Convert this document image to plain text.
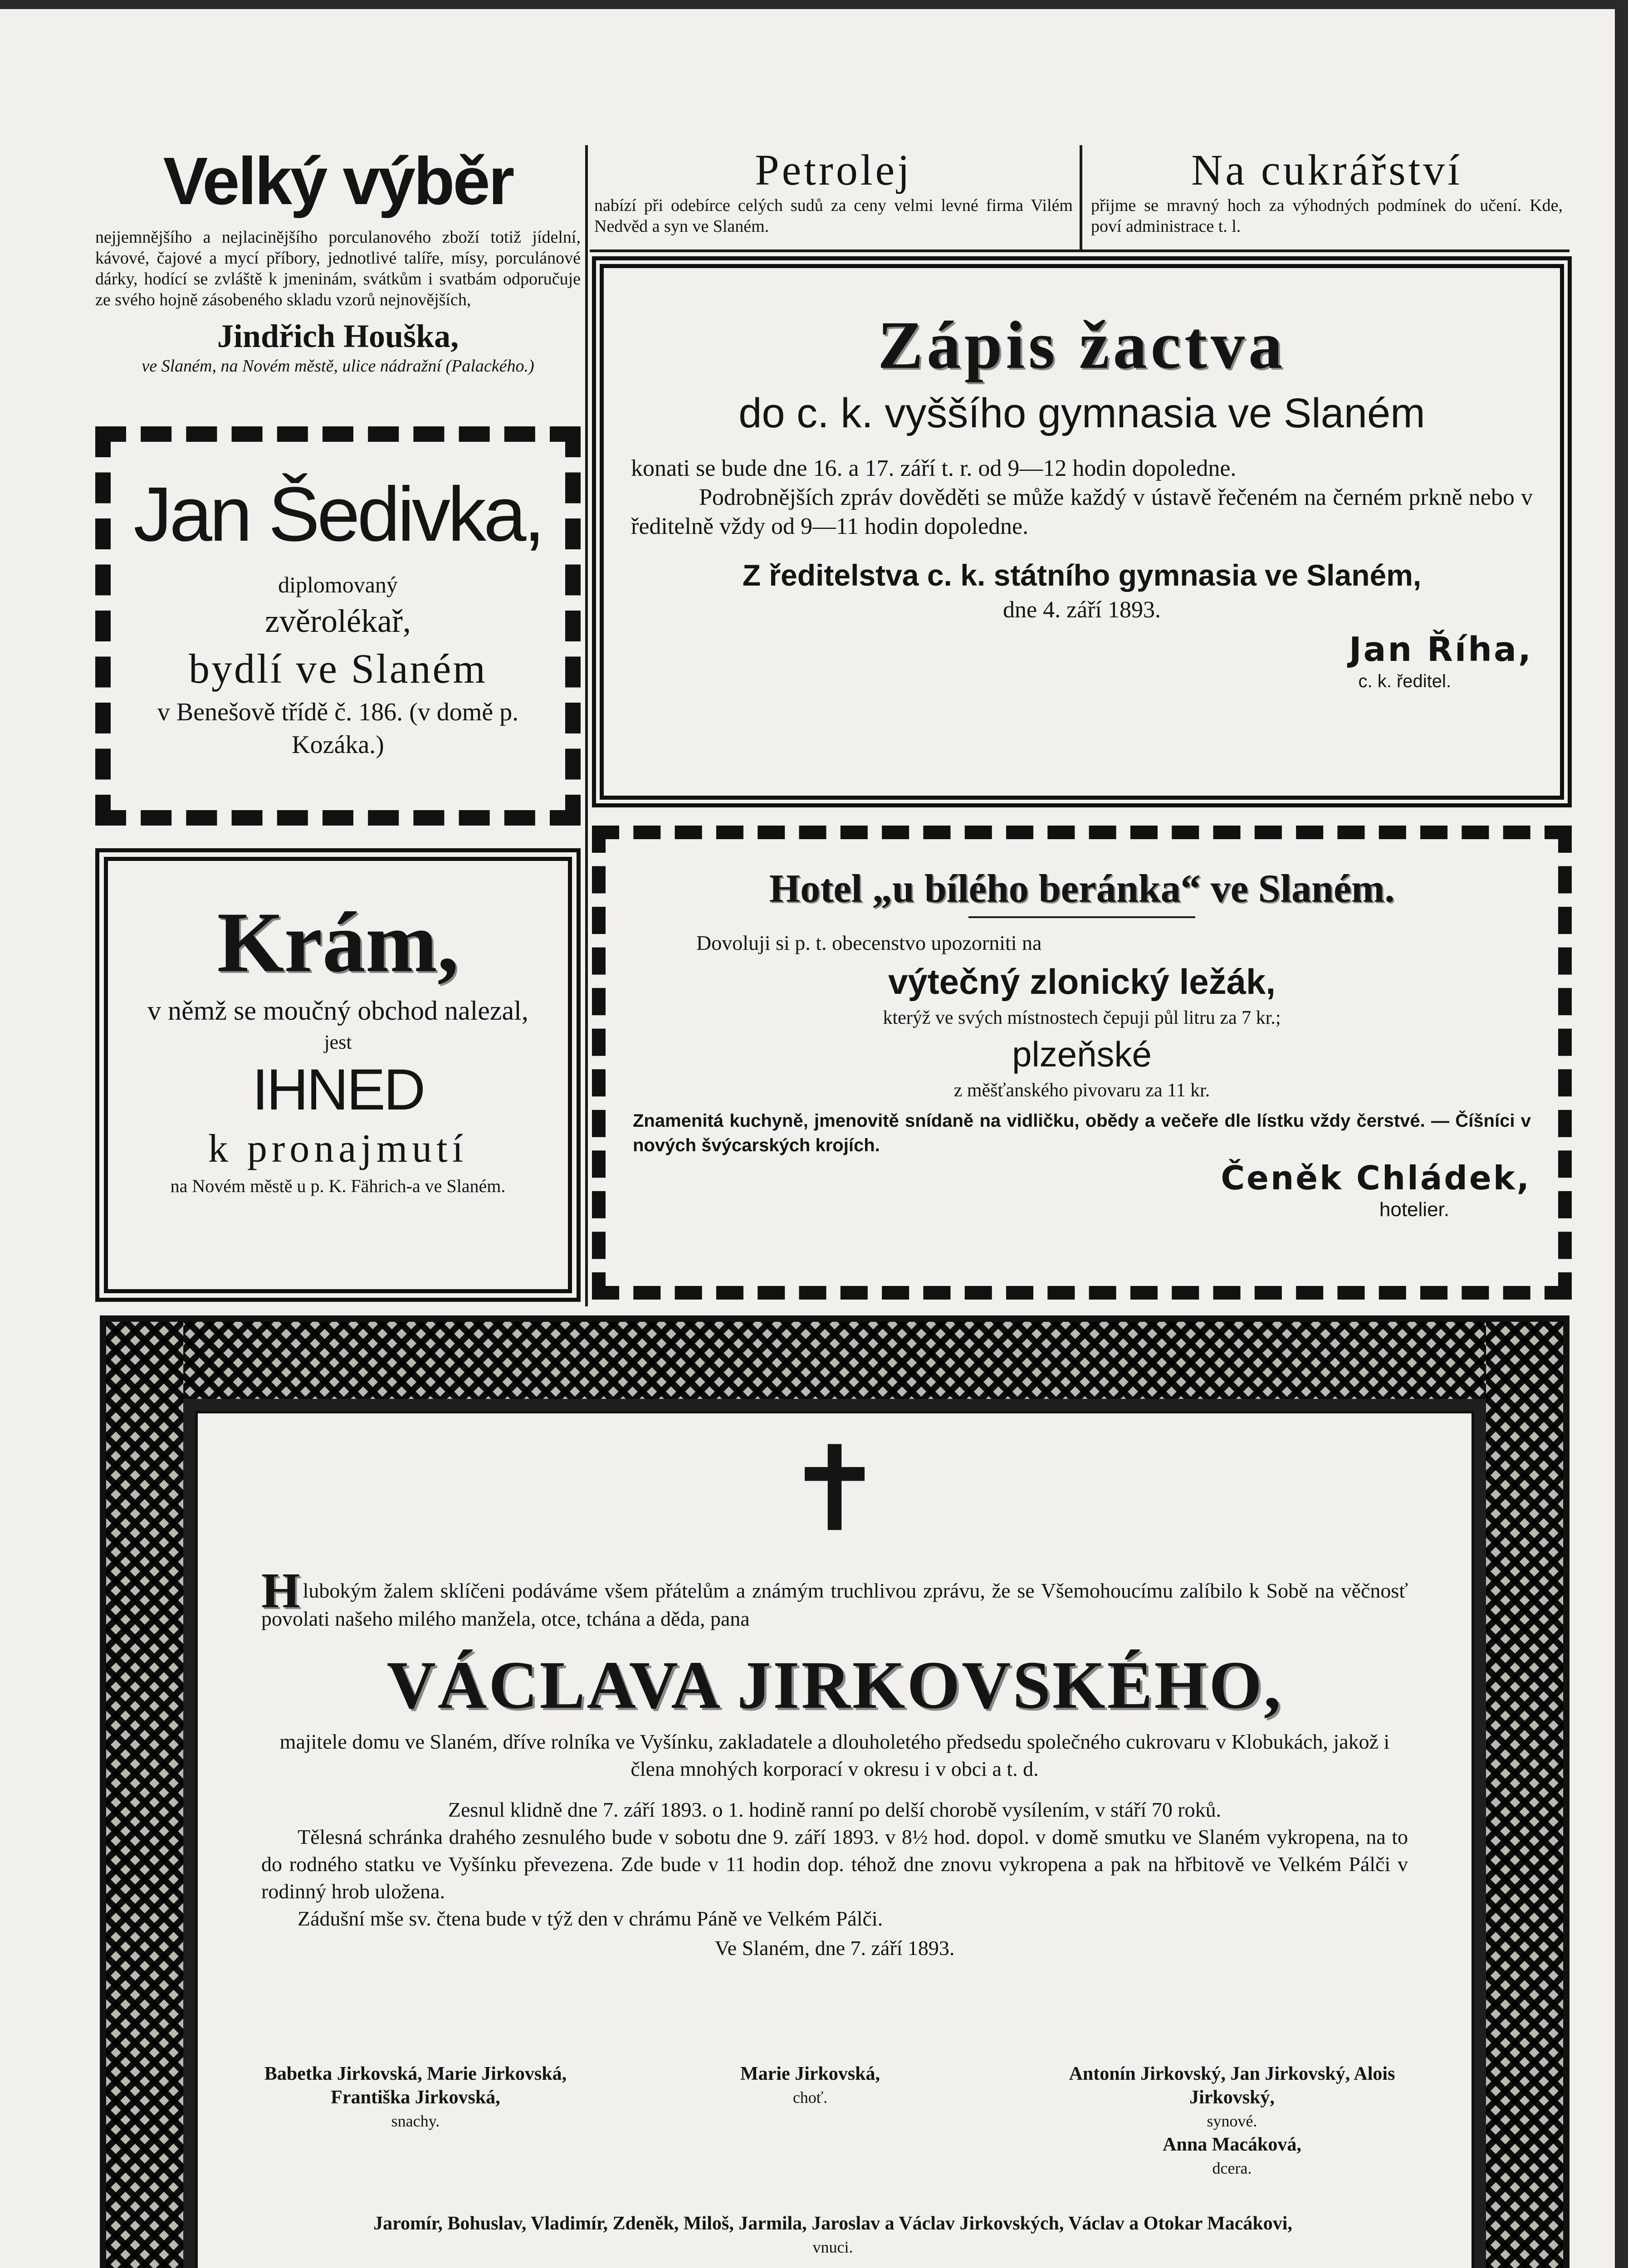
Velký výběr

nejjemnějšího a nejlacinějšího porculanového zboží totiž jídelní, kávové, čajové a mycí příbory, jednotlivé talíře, mísy, porculánové dárky, hodící se zvláště k jmeninám, svátkům i svatbám odporučuje ze svého hojně zásobeného skladu vzorů nejnovějších,

Jindřich Houška,
ve Slaném, na Novém městě, ulice nádražní (Palackého.)
Jan Šedivka,
diplomovaný
zvěrolékař,
bydlí ve Slaném
v Benešově třídě č. 186. (v domě p. Kozáka.)
Krám,
v němž se moučný obchod nalezal,
jest
IHNED
k pronajmutí
na Novém městě u p. K. Fährich-a ve Slaném.
Petrolej

nabízí při odebírce celých sudů za ceny velmi levné firma Vilém Nedvěd a syn ve Slaném.

Na cukrářství

přijme se mravný hoch za výhodných podmínek do učení. Kde, poví administrace t. l.

Zápis žactva
do c. k. vyššího gymnasia ve Slaném

konati se bude dne 16. a 17. září t. r. od 9—12 hodin dopoledne.

Podrobnějších zpráv dověděti se může každý v ústavě řečeném na černém prkně nebo v ředitelně vždy od 9—11 hodin dopoledne.

Z ředitelstva c. k. státního gymnasia ve Slaném,
dne 4. září 1893.
Jan Říha,
c. k. ředitel.
Hotel „u bílého beránka“ ve Slaném.
Dovoluji si p. t. obecenstvo upozorniti na
výtečný zlonický ležák,
kterýž ve svých místnostech čepuji půl litru za 7 kr.;
plzeňské
z měšťanského pivovaru za 11 kr.

Znamenitá kuchyně, jmenovitě snídaně na vidličku, obědy a večeře dle lístku vždy čerstvé. — Číšníci v nových švýcarských krojích.

Čeněk Chládek,
hotelier.
✝

H lubokým žalem sklíčeni podáváme všem přátelům a známým truchlivou zprávu, že se Všemohoucímu zalíbilo k Sobě na věčnosť povolati našeho milého manžela, otce, tchána a děda, pana

VÁCLAVA JIRKOVSKÉHO,

majitele domu ve Slaném, dříve rolníka ve Vyšínku, zakladatele a dlouholetého předsedu společného cukrovaru v Klobukách, jakož i člena mnohých korporací v okresu i v obci a t. d.

Zesnul klidně dne 7. září 1893. o 1. hodině ranní po delší chorobě vysílením, v stáří 70 roků.

Tělesná schránka drahého zesnulého bude v sobotu dne 9. září 1893. v 8½ hod. dopol. v domě smutku ve Slaném vykropena, na to do rodného statku ve Vyšínku převezena. Zde bude v 11 hodin dop. téhož dne znovu vykropena a pak na hřbitově ve Velkém Pálči v rodinný hrob uložena.

Zádušní mše sv. čtena bude v týž den v chrámu Páně ve Velkém Pálči.

Ve Slaném, dne 7. září 1893.
Babetka Jirkovská, Marie Jirkovská, Františka Jirkovská,
snachy.
Marie Jirkovská,
choť.
Antonín Jirkovský, Jan Jirkovský, Alois Jirkovský,
synové.
Anna Macáková,
dcera.
Jaromír, Bohuslav, Vladimír, Zdeněk, Miloš, Jarmila, Jaroslav a Václav Jirkovských, Václav a Otokar Macákovi,
vnuci.
